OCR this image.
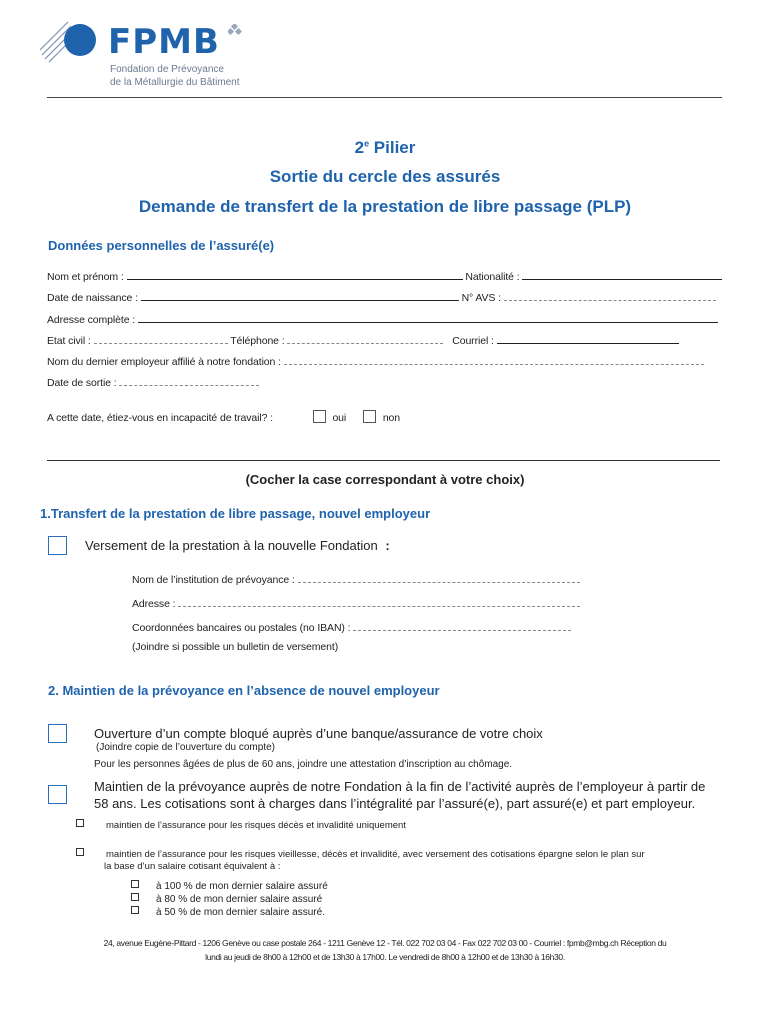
FPMB
Fondation de Prévoyance
de la Métallurgie du Bâtiment
2e Pilier
Sortie du cercle des assurés
Demande de transfert de la prestation de libre passage (PLP)
Données personnelles de l’assuré(e)
Nom et prénom :	Nationalité :
Date de naissance :	N° AVS :
Adresse complète :
Etat civil :	Téléphone :	Courriel :
Nom du dernier employeur affilié à notre fondation :
Date de sortie :
A cette date, étiez-vous en incapacité de travail? :	oui	non
(Cocher la case correspondant à votre choix)
1.Transfert de la prestation de libre passage, nouvel employeur
Versement de la prestation à la nouvelle Fondation :
Nom de l’institution de prévoyance :
Adresse :
Coordonnées bancaires ou postales (no IBAN) :
(Joindre si possible un bulletin de versement)
2. Maintien de la prévoyance en l’absence de nouvel employeur
Ouverture d’un compte bloqué auprès d’une banque/assurance de votre choix
(Joindre copie de l’ouverture du compte)
Pour les personnes âgées de plus de 60 ans, joindre une attestation d’inscription au chômage.
Maintien de la prévoyance auprès de notre Fondation à la fin de l’activité auprès de l’employeur à partir de
58 ans. Les cotisations sont à charges dans l’intégralité par l’assuré(e), part assuré(e) et part employeur.
maintien de l’assurance pour les risques décès et invalidité uniquement
maintien de l’assurance pour les risques vieillesse, décès et invalidité, avec versement des cotisations épargne selon le plan sur
la base d’un salaire cotisant équivalent à :
à 100 % de mon dernier salaire assuré
à 80 % de mon dernier salaire assuré
à 50 % de mon dernier salaire assuré.
24, avenue Eugène-Pittard - 1206 Genève ou case postale 264 - 1211 Genève 12 - Tél. 022 702 03 04 - Fax 022 702 03 00 - Courriel : fpmb@mbg.ch Réception du
lundi au jeudi de 8h00 à 12h00 et de 13h30 à 17h00. Le vendredi de 8h00 à 12h00 et de 13h30 à 16h30.
